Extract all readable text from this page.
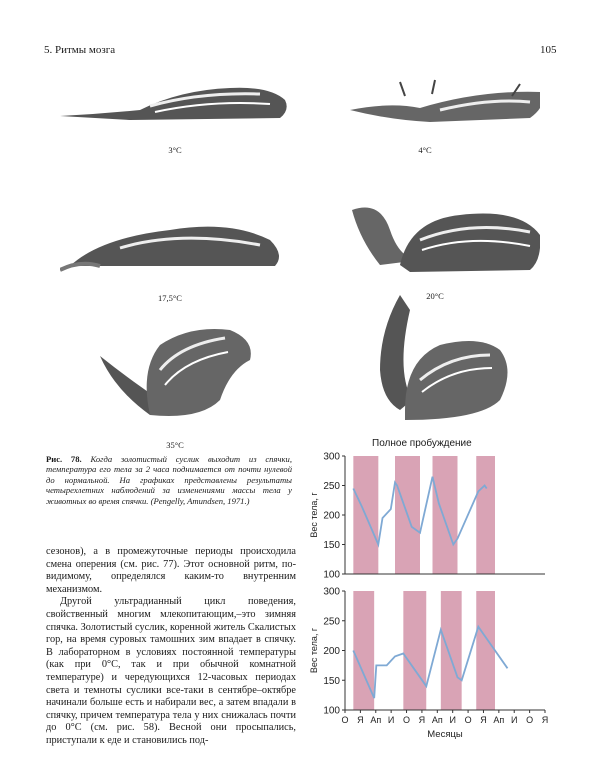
5. Ритмы мозга	105
3°C	4°C
17,5°C	20°C
35°C
Рис. 78. Когда золотистый суслик выходит из спячки, температура его тела за 2 часа поднимается от почти нулевой до нормальной. На графиках представлены результаты четырехлетних наблюдений за изменениями массы тела у животных во время спячки. (Pengelly, Amundsen, 1971.)

сезонов), а в промежуточные периоды происходила смена оперения (см. рис. 77). Этот основной ритм, по-видимому, определялся каким-то внутренним механизмом.

Другой ультрадианный цикл поведения, свойственный многим млекопитающим,–это зимняя спячка. Золотистый суслик, коренной житель Скалистых гор, на время суровых тамошних зим впадает в спячку. В лабораторном в условиях постоянной температуры (как при 0°C, так и при обычной комнатной температуре) и чередующихся 12-часовых периодах света и темноты суслики все-таки в сентябре–октябре начинали больше есть и набирали вес, а затем впадали в спячку, причем температура тела у них снижалась почти до 0°C (см. рис. 58). Весной они просыпались, приступали к еде и становились под-

Полное пробуждение
100
150
200
250
300
Вес тела, г
100
150
200
250
300
Вес тела, г
О Я Ап И О Я Ап И О Я Ап И О Я
Месяцы
